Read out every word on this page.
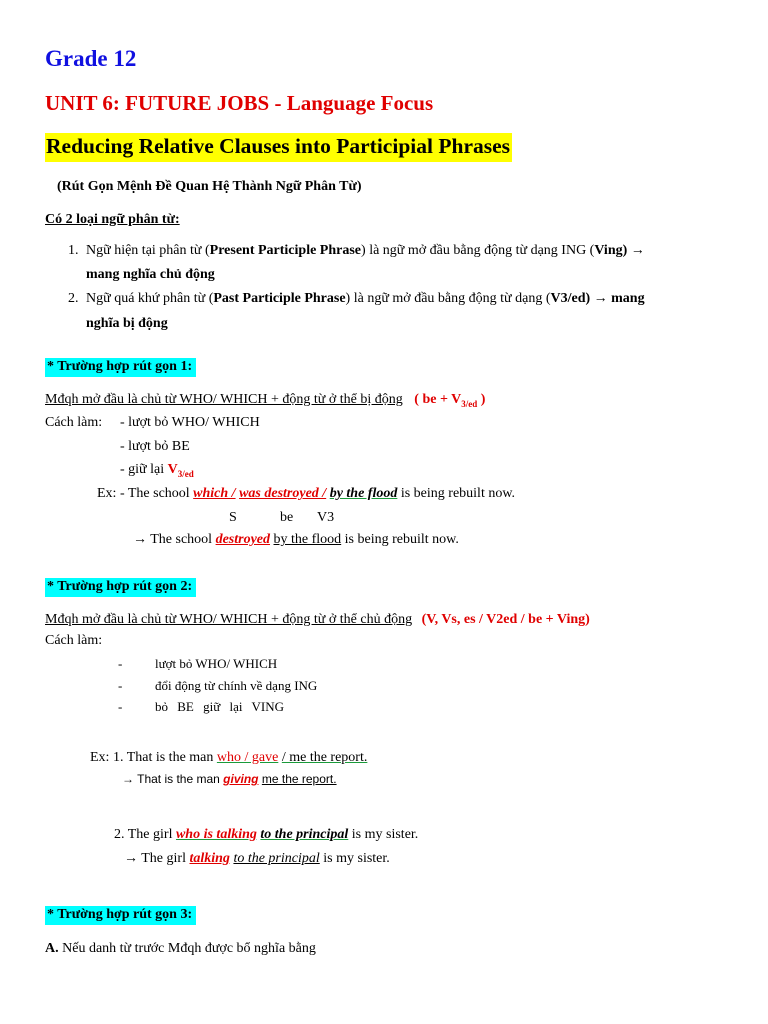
Grade 12
UNIT 6: FUTURE JOBS - Language Focus
Reducing Relative Clauses into Participial Phrases
(Rút Gọn Mệnh Đề Quan Hệ Thành Ngữ Phân Từ)
Có 2 loại ngữ phân từ:
1. Ngữ hiện tại phân từ (Present Participle Phrase) là ngữ mở đầu bằng động từ dạng ING (Ving) →
mang nghĩa chủ động
2. Ngữ quá khứ phân từ (Past Participle Phrase) là ngữ mở đầu bằng động từ dạng (V3/ed) → mang
nghĩa bị động
* Trường hợp rút gọn 1:
Mđqh mở đầu là chủ từ WHO/ WHICH + động từ ở thể bị động ( be + $V_{3/ed}$ )
Cách làm: - lượt bỏ WHO/ WHICH
- lượt bỏ BE
- giữ lại $V_{3/ed}$
Ex: - The school which / was destroyed / by the flood is being rebuilt now.
S	be V3
→ The school destroyed by the flood is being rebuilt now.
* Trường hợp rút gọn 2:
Mđqh mở đầu là chủ từ WHO/ WHICH + động từ ở thể chủ động (V, Vs, es / V2ed / be + Ving)
Cách làm:
-	lượt bỏ WHO/ WHICH
-	đổi động từ chính về dạng ING
-	bỏ BE giữ lại VING
Ex: 1. That is the man who / gave / me the report.
→ That is the man giving me the report.
2. The girl who is talking to the principal is my sister.
→ The girl talking to the principal is my sister.
* Trường hợp rút gọn 3:
A. Nếu danh từ trước Mđqh được bổ nghĩa bằng
